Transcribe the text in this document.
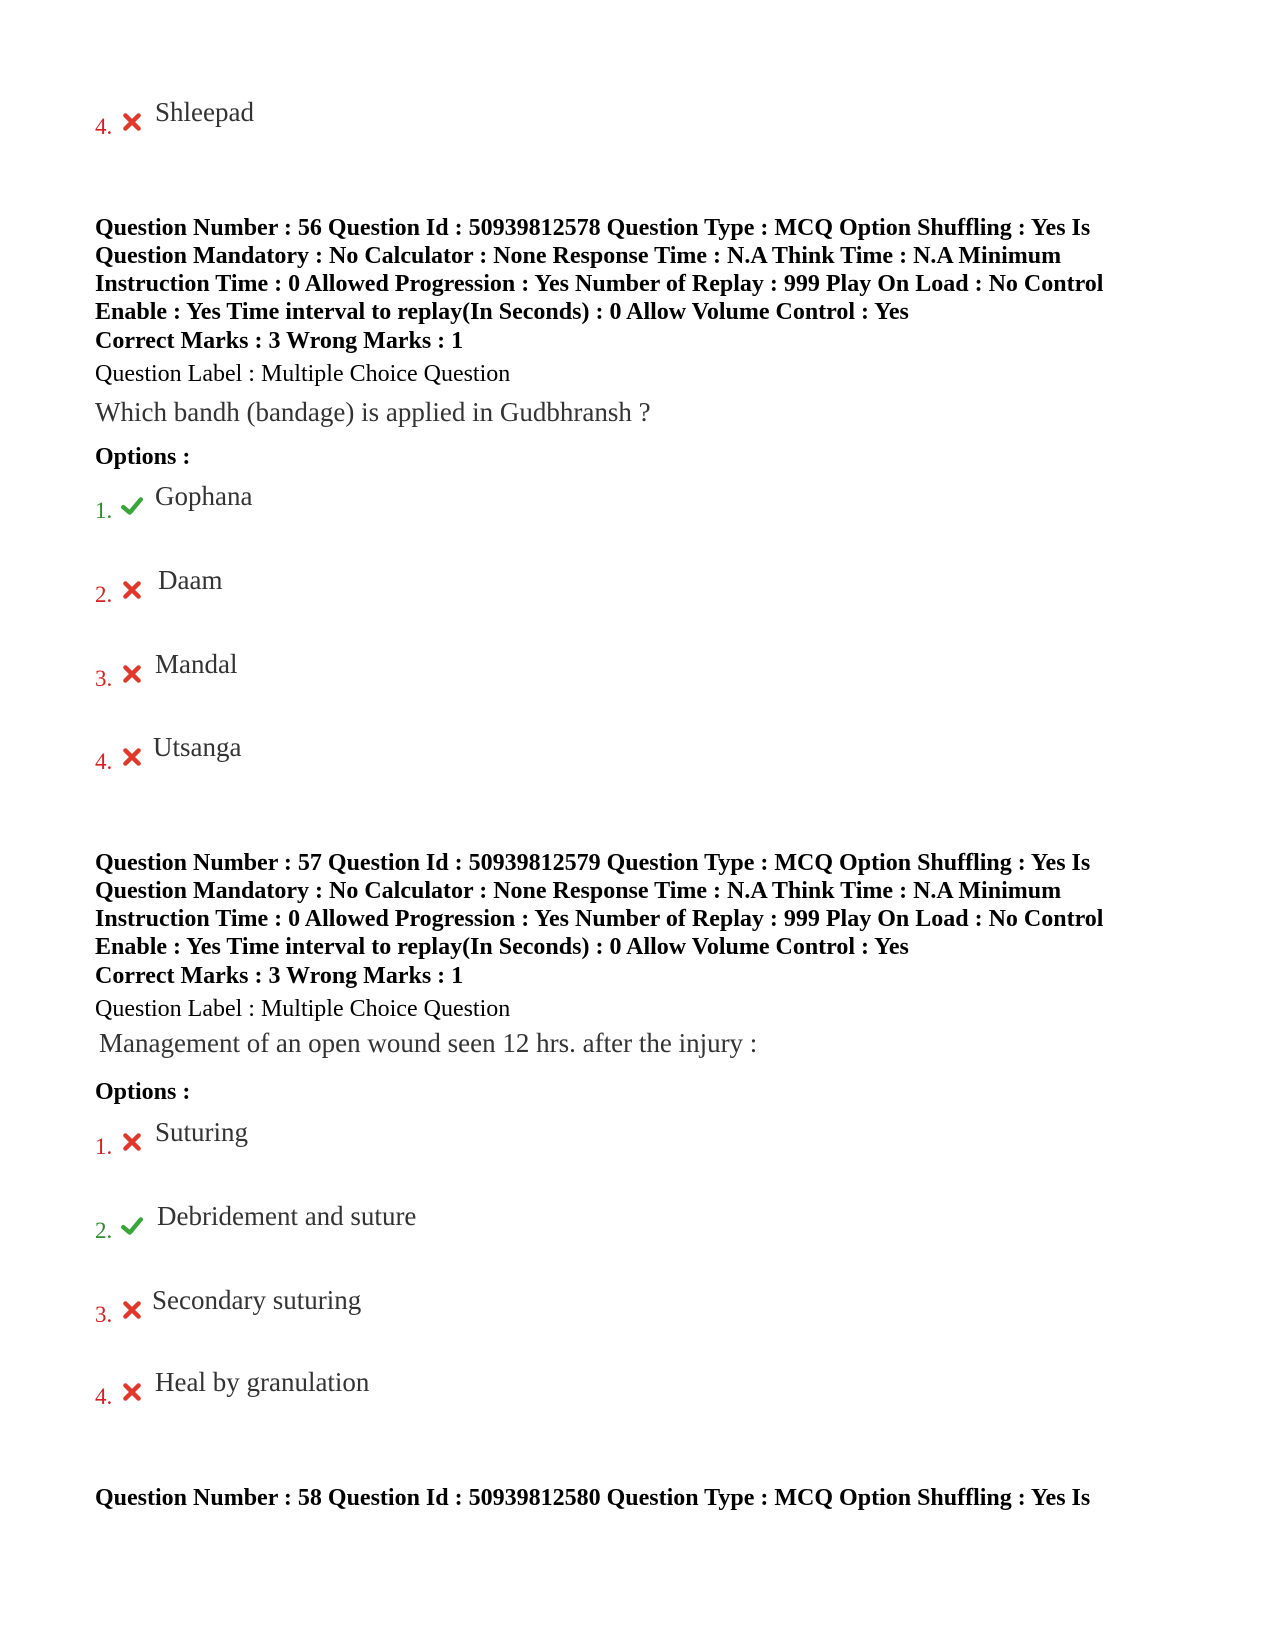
4. Shleepad

Question Number : 56 Question Id : 50939812578 Question Type : MCQ Option Shuffling : Yes Is

Question Mandatory : No Calculator : None Response Time : N.A Think Time : N.A Minimum

Instruction Time : 0 Allowed Progression : Yes Number of Replay : 999 Play On Load : No Control

Enable : Yes Time interval to replay(In Seconds) : 0 Allow Volume Control : Yes

Correct Marks : 3 Wrong Marks : 1
Question Label : Multiple Choice Question
Which bandh (bandage) is applied in Gudbhransh ?
Options :
1. Gophana
2. Daam
3. Mandal
4. Utsanga

Question Number : 57 Question Id : 50939812579 Question Type : MCQ Option Shuffling : Yes Is

Question Mandatory : No Calculator : None Response Time : N.A Think Time : N.A Minimum

Instruction Time : 0 Allowed Progression : Yes Number of Replay : 999 Play On Load : No Control

Enable : Yes Time interval to replay(In Seconds) : 0 Allow Volume Control : Yes

Correct Marks : 3 Wrong Marks : 1
Question Label : Multiple Choice Question
Management of an open wound seen 12 hrs. after the injury :
Options :
1. Suturing
2. Debridement and suture
3. Secondary suturing
4. Heal by granulation

Question Number : 58 Question Id : 50939812580 Question Type : MCQ Option Shuffling : Yes Is
